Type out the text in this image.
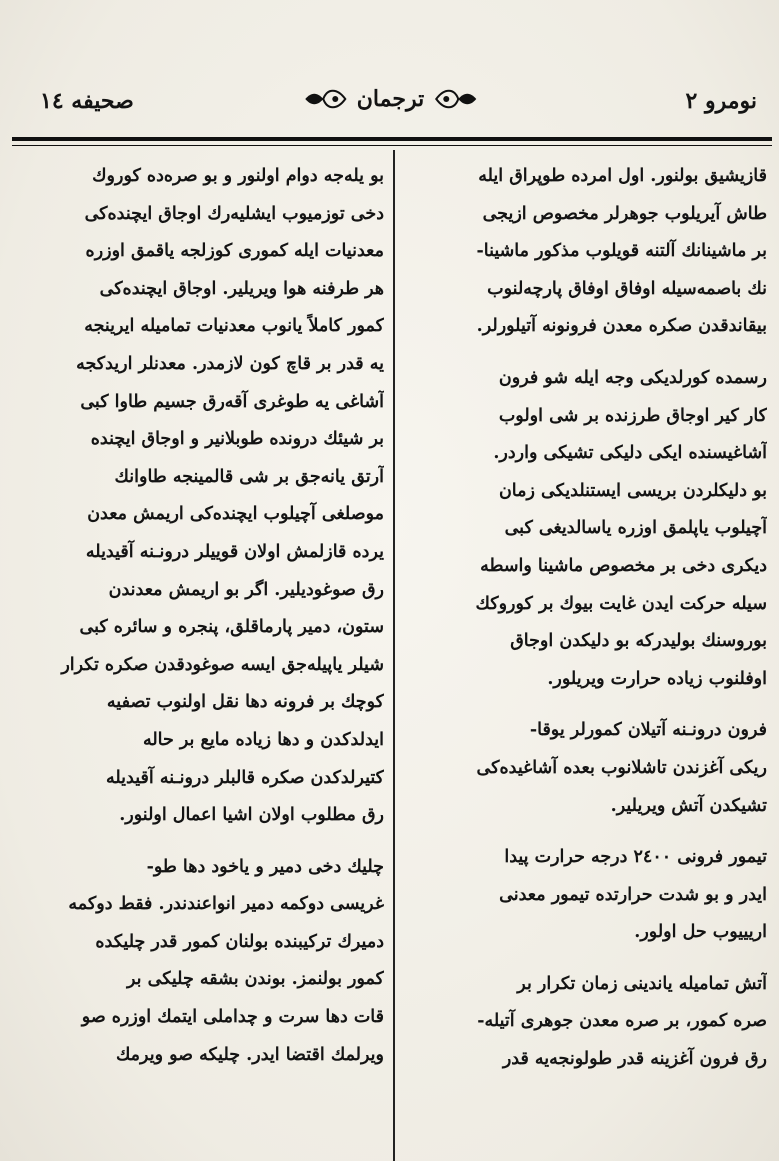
نومرو ۲
ترجمان
صحيفه ١٤
قازيشيق بولنور. اول امرده طوپراق ايله
طاش آيريلوب جوهرلر مخصوص ازيجى
بر ماشينانك آلتنه قويلوب مذكور ماشينا-
نك باصمه‌سيله اوفاق اوفاق پارچه‌لنوب
بيقاندقدن صكره معدن فرونونه آتيلورلر.
رسمده كورلديكى وجه ايله شو فرون
كار كير اوجاق طرزنده بر شى اولوب
آشاغيسنده ايكى دليكى تشيكى واردر.
بو دليكلردن بريسى ايستنلديكى زمان
آچيلوب ياپلمق اوزره ياسالديغى كبى
ديكرى دخى بر مخصوص ماشينا واسطه
سيله حركت ايدن غايت بيوك بر كوروكك
بوروسنك بوليدركه بو دليكدن اوجاق
اوفلنوب زياده حرارت ويريلور.
فرون درونـنه آتيلان كمورلر يوقا-
ريكى آغزندن تاشلانوب بعده آشاغيده‌كى
تشيكدن آتش ويريلير.
تيمور فرونى ٢٤٠٠ درجه حرارت پيدا
ايدر و بو شدت حرارتده تيمور معدنى
اريييوب حل اولور.
آتش تماميله ياندينى زمان تكرار بر
صره كمور، بر صره معدن جوهرى آتيله-
رق فرون آغزينه قدر طولونجه‌يه قدر
بو يله‌جه دوام اولنور و بو صره‌ده كوروك
دخى توزميوب ايشليه‌رك اوجاق ايچنده‌كى
معدنيات ايله كمورى كوزلجه ياقمق اوزره
هر طرفنه هوا ويريلير. اوجاق ايچنده‌كى
كمور كاملاً يانوب معدنيات تماميله ايرينجه
يه قدر بر قاچ كون لازمدر. معدنلر اريدكجه
آشاغى يه طوغرى آقه‌رق جسيم طاوا كبى
بر شيئك درونده طوبلانير و اوجاق ايچنده
آرتق يانه‌جق بر شى قالمينجه طاوانك
موصلغى آچيلوب ايچنده‌كى اريمش معدن
يرده قازلمش اولان قوييلر درونـنه آقيديله
رق صوغوديلير. اگر بو اريمش معدندن
ستون، دمير پارماقلق، پنجره و سائره كبى
شيلر ياپيله‌جق ايسه صوغودقدن صكره تكرار
كوچك بر فرونه دها نقل اولنوب تصفيه
ايدلدكدن و دها زياده مايع بر حاله
كتيرلدكدن صكره قالبلر درونـنه آقيديله
رق مطلوب اولان اشيا اعمال اولنور.
چليك دخى دمير و ياخود دها طو-
غريسى دوكمه دمير انواعندندر. فقط دوكمه
دميرك تركيبنده بولنان كمور قدر چليكده
كمور بولنمز. بوندن بشقه چليكى بر
قات دها سرت و چداملى ايتمك اوزره صو
ويرلمك اقتضا ايدر. چليكه صو ويرمك
